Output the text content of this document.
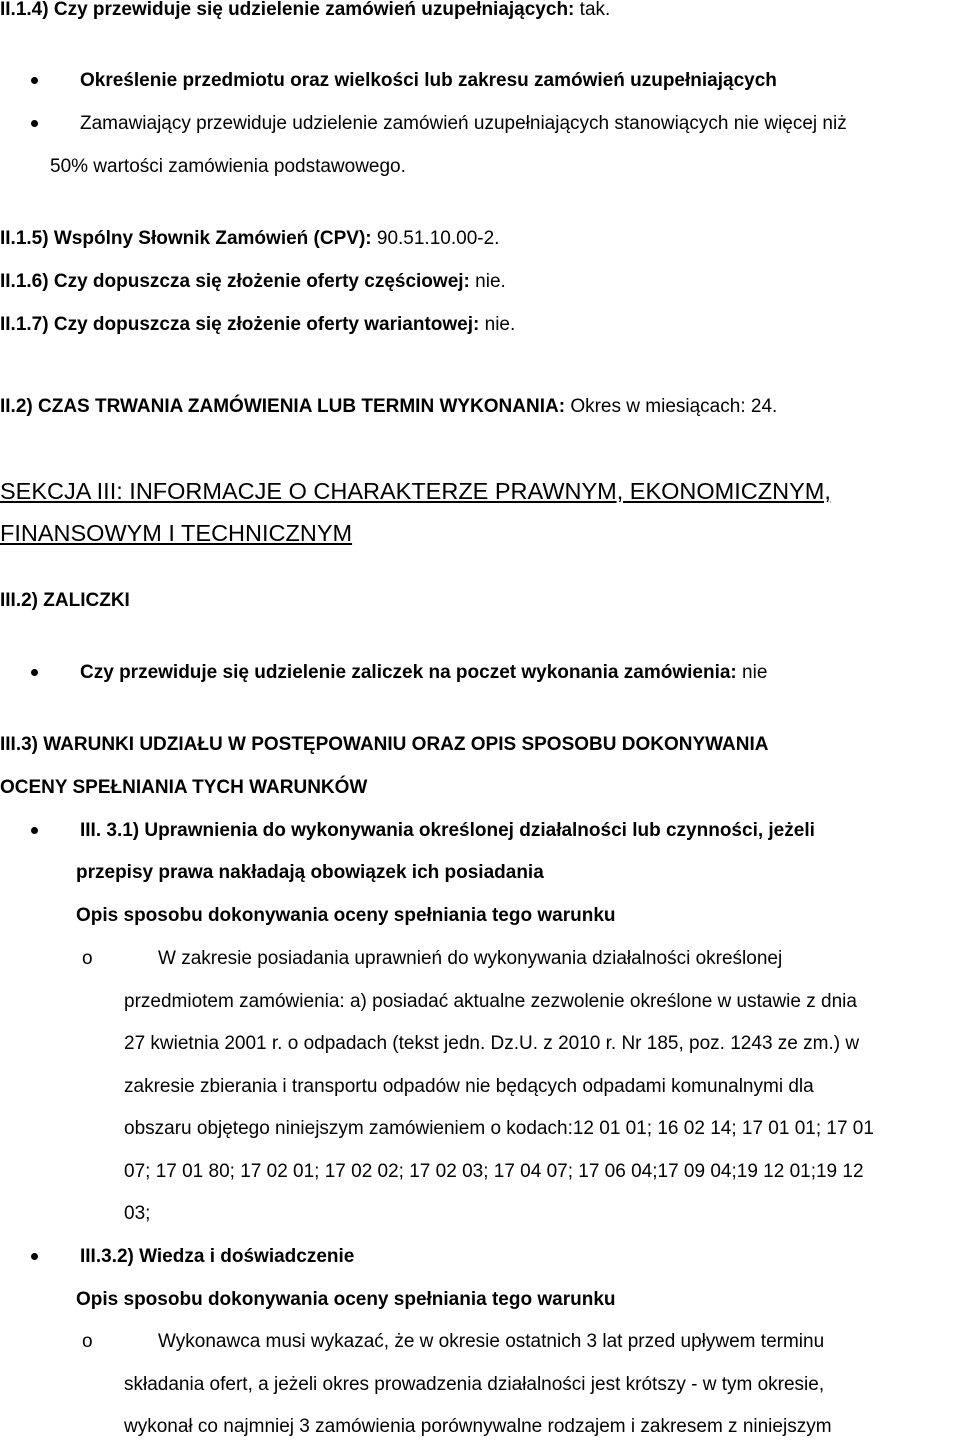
II.1.4) Czy przewiduje się udzielenie zamówień uzupełniających: tak.
Określenie przedmiotu oraz wielkości lub zakresu zamówień uzupełniających
Zamawiający przewiduje udzielenie zamówień uzupełniających stanowiących nie więcej niż
50% wartości zamówienia podstawowego.
II.1.5) Wspólny Słownik Zamówień (CPV): 90.51.10.00-2.
II.1.6) Czy dopuszcza się złożenie oferty częściowej: nie.
II.1.7) Czy dopuszcza się złożenie oferty wariantowej: nie.
II.2) CZAS TRWANIA ZAMÓWIENIA LUB TERMIN WYKONANIA: Okres w miesiącach: 24.
SEKCJA III: INFORMACJE O CHARAKTERZE PRAWNYM, EKONOMICZNYM,
FINANSOWYM I TECHNICZNYM
III.2) ZALICZKI
Czy przewiduje się udzielenie zaliczek na poczet wykonania zamówienia: nie
III.3) WARUNKI UDZIAŁU W POSTĘPOWANIU ORAZ OPIS SPOSOBU DOKONYWANIA
OCENY SPEŁNIANIA TYCH WARUNKÓW
III. 3.1) Uprawnienia do wykonywania określonej działalności lub czynności, jeżeli
przepisy prawa nakładają obowiązek ich posiadania
Opis sposobu dokonywania oceny spełniania tego warunku
o	W zakresie posiadania uprawnień do wykonywania działalności określonej
przedmiotem zamówienia: a) posiadać aktualne zezwolenie określone w ustawie z dnia
27 kwietnia 2001 r. o odpadach (tekst jedn. Dz.U. z 2010 r. Nr 185, poz. 1243 ze zm.) w
zakresie zbierania i transportu odpadów nie będących odpadami komunalnymi dla
obszaru objętego niniejszym zamówieniem o kodach:12 01 01; 16 02 14; 17 01 01; 17 01
07; 17 01 80; 17 02 01; 17 02 02; 17 02 03; 17 04 07; 17 06 04;17 09 04;19 12 01;19 12
03;
III.3.2) Wiedza i doświadczenie
Opis sposobu dokonywania oceny spełniania tego warunku
o	Wykonawca musi wykazać, że w okresie ostatnich 3 lat przed upływem terminu
składania ofert, a jeżeli okres prowadzenia działalności jest krótszy - w tym okresie,
wykonał co najmniej 3 zamówienia porównywalne rodzajem i zakresem z niniejszym
